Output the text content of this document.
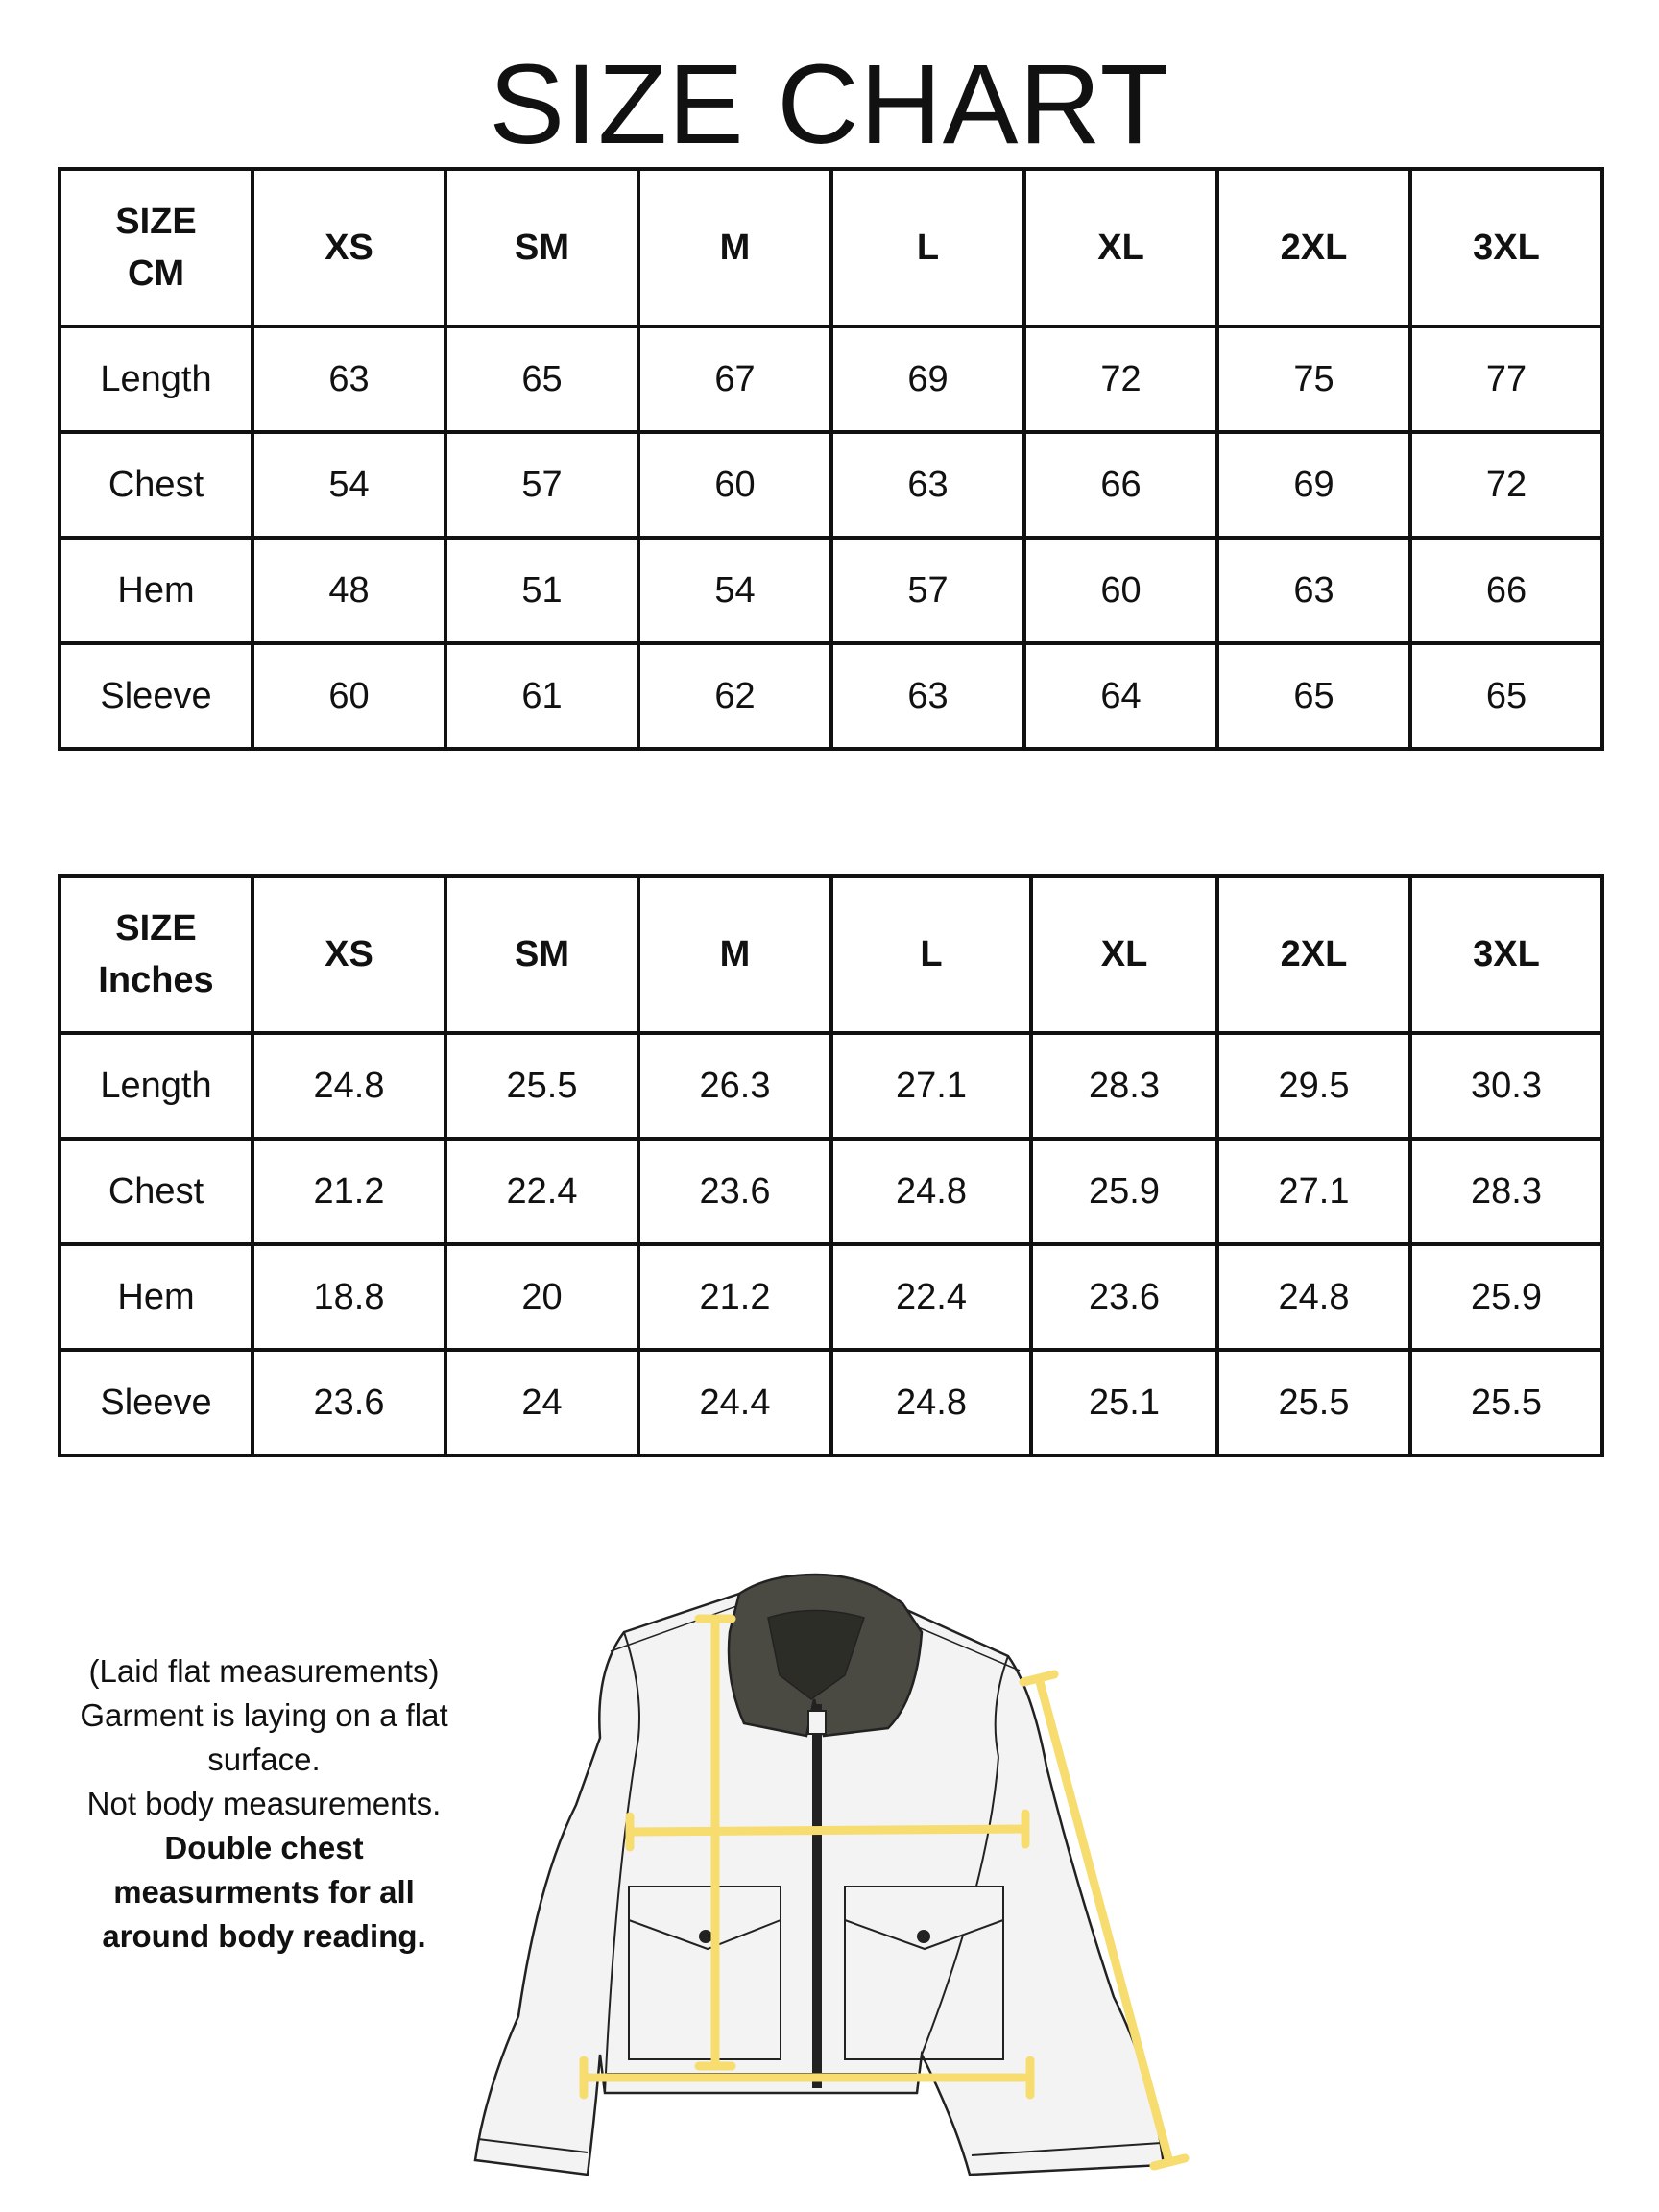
SIZE CHART
SIZE
CM	XS	SM	M	L	XL	2XL	3XL
Length	63	65	67	69	72	75	77
Chest	54	57	60	63	66	69	72
Hem	48	51	54	57	60	63	66
Sleeve	60	61	62	63	64	65	65
SIZE
Inches	XS	SM	M	L	XL	2XL	3XL
Length	24.8	25.5	26.3	27.1	28.3	29.5	30.3
Chest	21.2	22.4	23.6	24.8	25.9	27.1	28.3
Hem	18.8	20	21.2	22.4	23.6	24.8	25.9
Sleeve	23.6	24	24.4	24.8	25.1	25.5	25.5
(Laid flat measurements)
Garment is laying on a flat
surface.
Not body measurements.
Double chest
measurments for all
around body reading.
